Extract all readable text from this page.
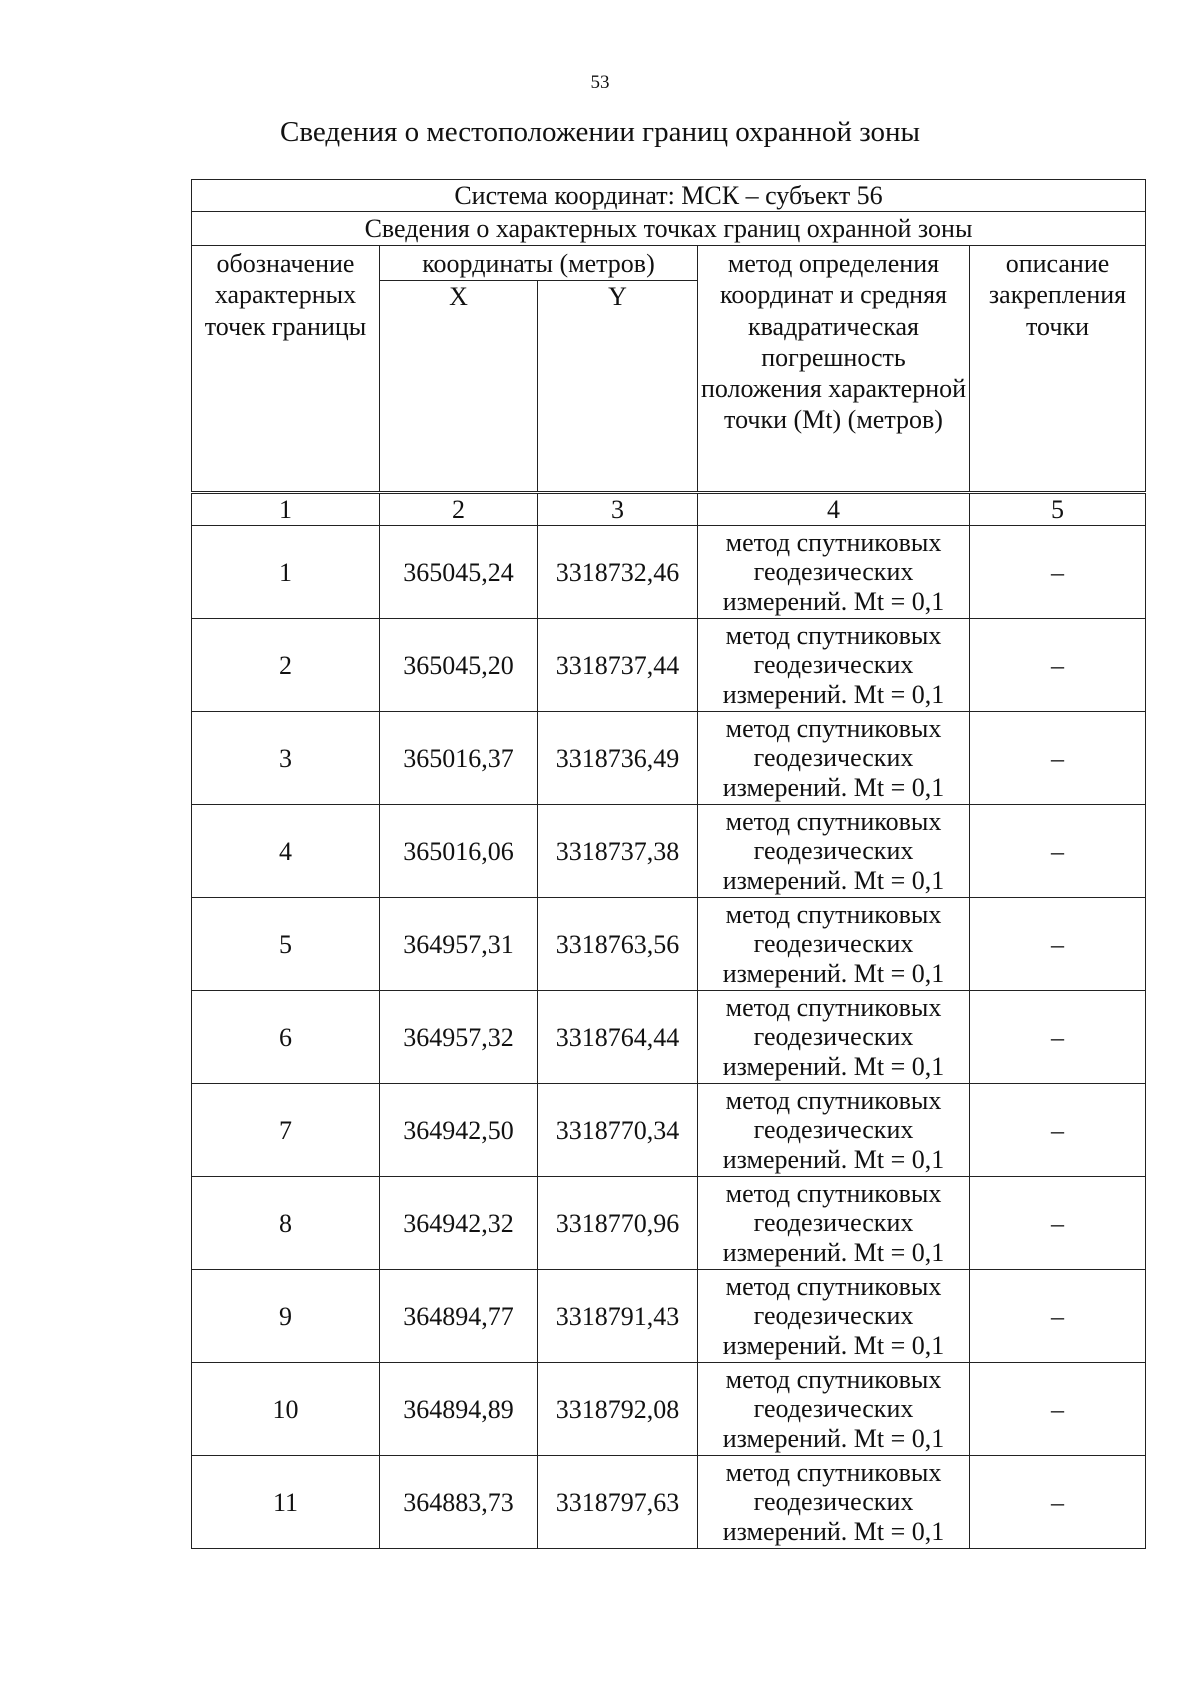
53
Сведения о местоположении границ охранной зоны
Система координат: МСК – субъект 56				
Сведения о характерных точках границ охранной зоны				
обозначение характерных точек границы	координаты (метров)		метод определения координат и средняя квадратическая погрешность положения характерной точки (Mt) (метров)	описание закрепления точки
	X	Y		
1	2	3	4	5
1	365045,24	3318732,46	метод спутниковых геодезических измерений. Mt = 0,1	–
2	365045,20	3318737,44	метод спутниковых геодезических измерений. Mt = 0,1	–
3	365016,37	3318736,49	метод спутниковых геодезических измерений. Mt = 0,1	–
4	365016,06	3318737,38	метод спутниковых геодезических измерений. Mt = 0,1	–
5	364957,31	3318763,56	метод спутниковых геодезических измерений. Mt = 0,1	–
6	364957,32	3318764,44	метод спутниковых геодезических измерений. Mt = 0,1	–
7	364942,50	3318770,34	метод спутниковых геодезических измерений. Mt = 0,1	–
8	364942,32	3318770,96	метод спутниковых геодезических измерений. Mt = 0,1	–
9	364894,77	3318791,43	метод спутниковых геодезических измерений. Mt = 0,1	–
10	364894,89	3318792,08	метод спутниковых геодезических измерений. Mt = 0,1	–
11	364883,73	3318797,63	метод спутниковых геодезических измерений. Mt = 0,1	–
